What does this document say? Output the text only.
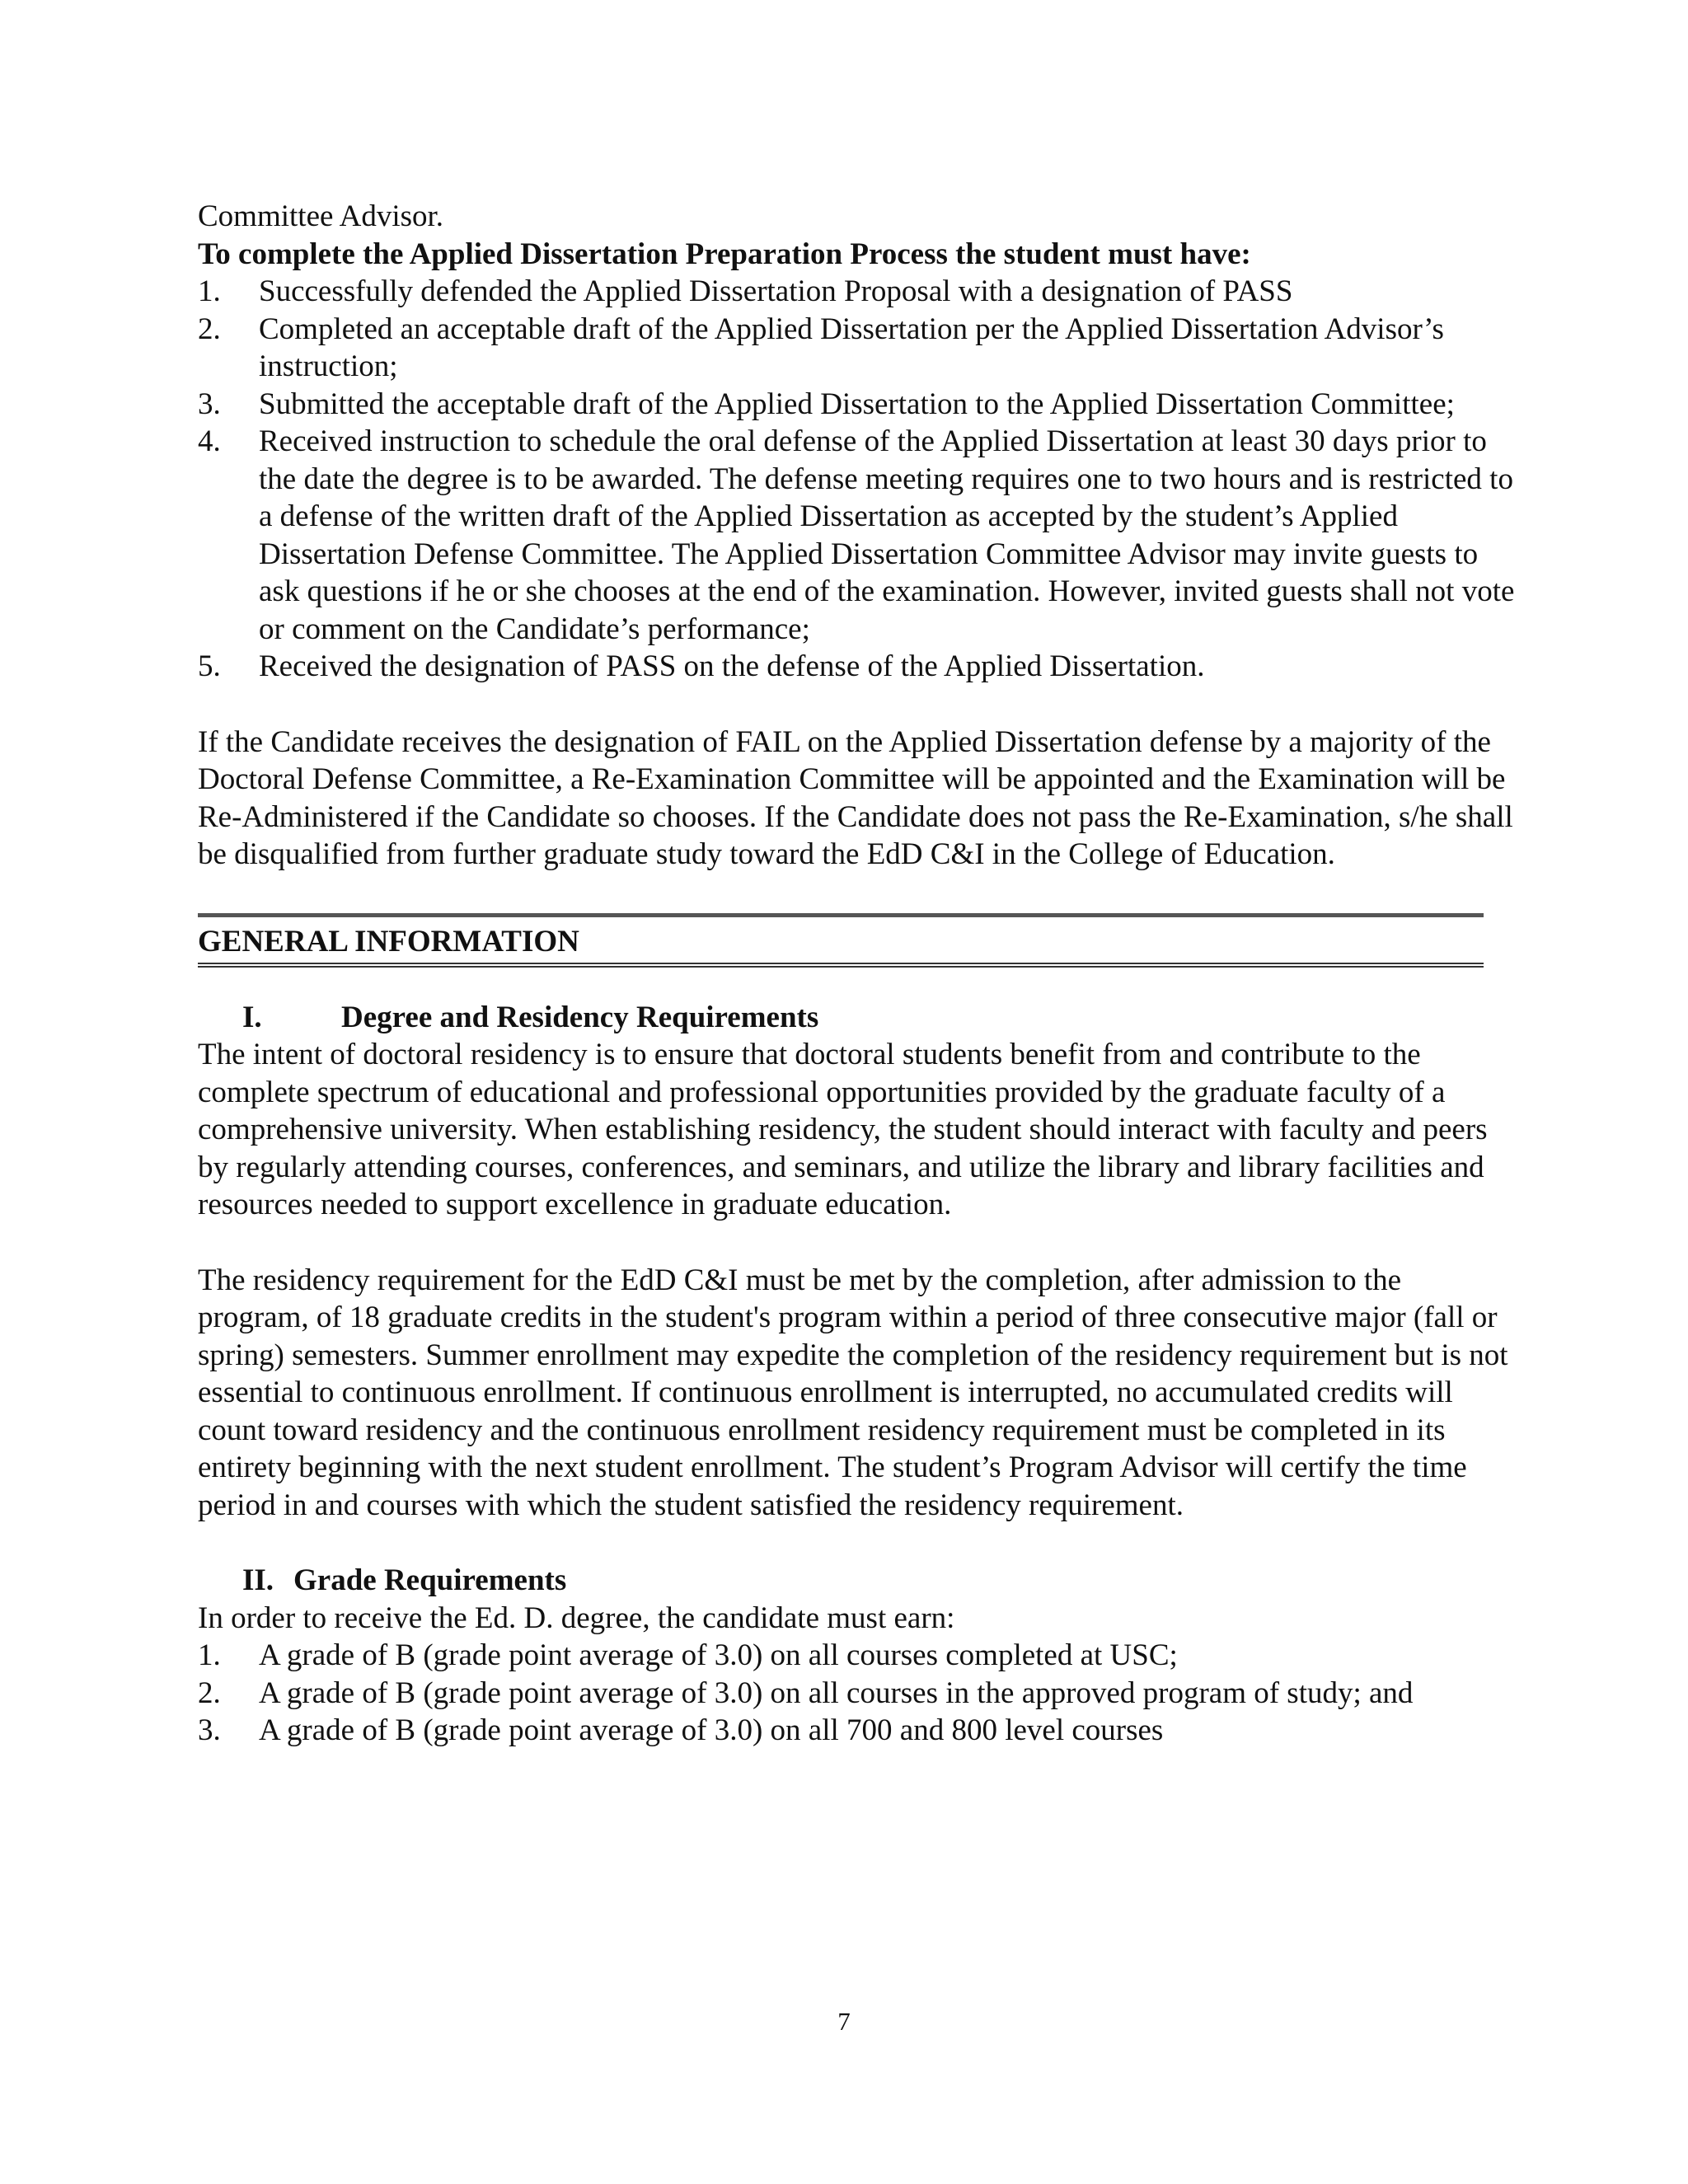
Committee Advisor.

To complete the Applied Dissertation Preparation Process the student must have:

1. Successfully defended the Applied Dissertation Proposal with a designation of PASS
2. Completed an acceptable draft of the Applied Dissertation per the Applied Dissertation Advisor’s instruction;
3. Submitted the acceptable draft of the Applied Dissertation to the Applied Dissertation Committee;
4. Received instruction to schedule the oral defense of the Applied Dissertation at least 30 days prior to the date the degree is to be awarded. The defense meeting requires one to two hours and is restricted to a defense of the written draft of the Applied Dissertation as accepted by the student’s Applied Dissertation Defense Committee. The Applied Dissertation Committee Advisor may invite guests to ask questions if he or she chooses at the end of the examination. However, invited guests shall not vote or comment on the Candidate’s performance;
5. Received the designation of PASS on the defense of the Applied Dissertation.

If the Candidate receives the designation of FAIL on the Applied Dissertation defense by a majority of the Doctoral Defense Committee, a Re-Examination Committee will be appointed and the Examination will be Re-Administered if the Candidate so chooses. If the Candidate does not pass the Re-Examination, s/he shall be disqualified from further graduate study toward the EdD C&I in the College of Education.

GENERAL INFORMATION
I.	Degree and Residency Requirements

The intent of doctoral residency is to ensure that doctoral students benefit from and contribute to the complete spectrum of educational and professional opportunities provided by the graduate faculty of a comprehensive university. When establishing residency, the student should interact with faculty and peers by regularly attending courses, conferences, and seminars, and utilize the library and library facilities and resources needed to support excellence in graduate education.

The residency requirement for the EdD C&I must be met by the completion, after admission to the program, of 18 graduate credits in the student's program within a period of three consecutive major (fall or spring) semesters. Summer enrollment may expedite the completion of the residency requirement but is not essential to continuous enrollment. If continuous enrollment is interrupted, no accumulated credits will count toward residency and the continuous enrollment residency requirement must be completed in its entirety beginning with the next student enrollment. The student’s Program Advisor will certify the time period in and courses with which the student satisfied the residency requirement.

II. Grade Requirements

In order to receive the Ed. D. degree, the candidate must earn:

1. A grade of B (grade point average of 3.0) on all courses completed at USC;
2. A grade of B (grade point average of 3.0) on all courses in the approved program of study; and
3. A grade of B (grade point average of 3.0) on all 700 and 800 level courses
7
